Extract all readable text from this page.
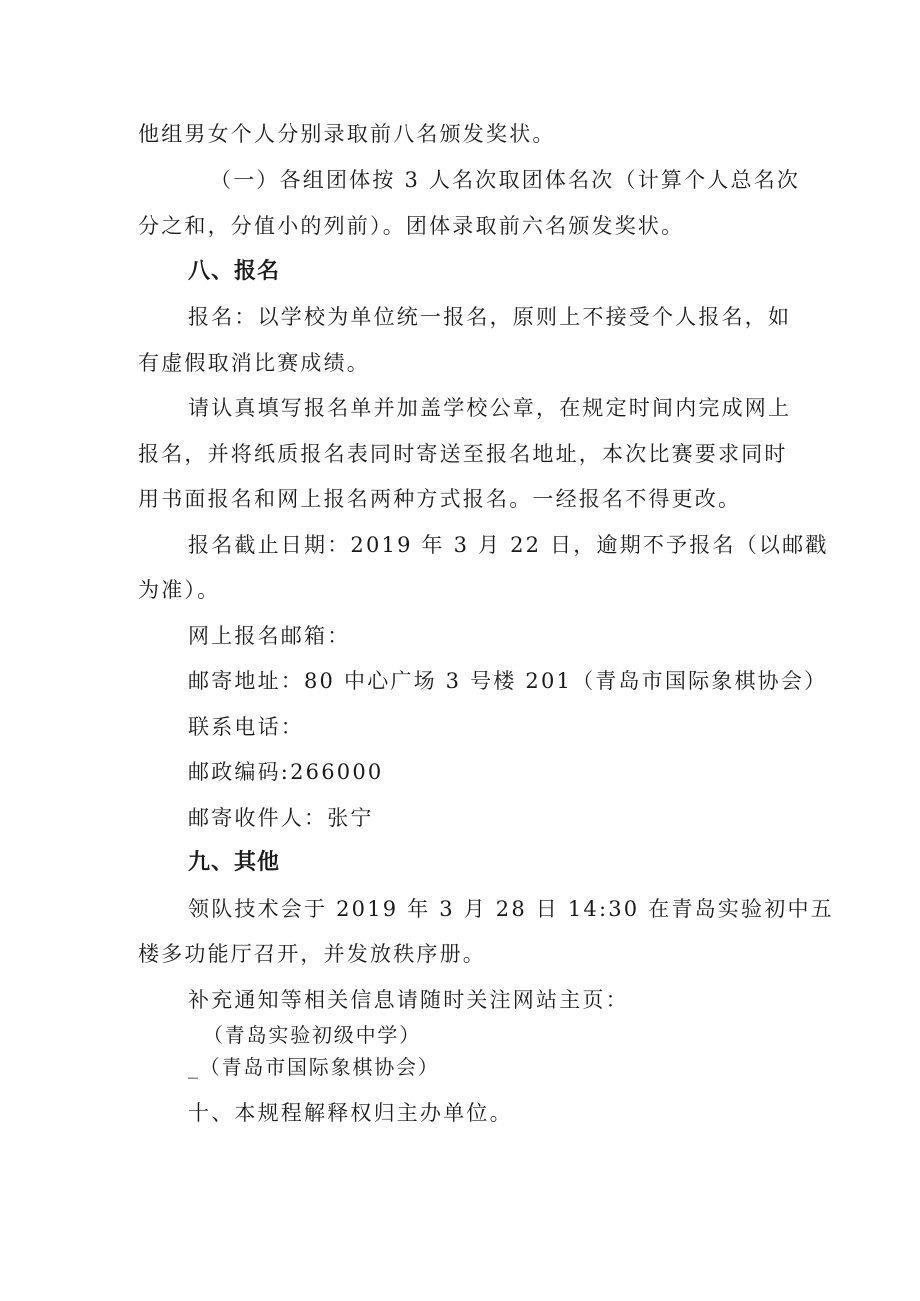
他组男女个人分别录取前八名颁发奖状。
（一）各组团体按 3 人名次取团体名次（计算个人总名次
分之和，分值小的列前）。团体录取前六名颁发奖状。
八、报名
报名：以学校为单位统一报名，原则上不接受个人报名，如
有虚假取消比赛成绩。
请认真填写报名单并加盖学校公章，在规定时间内完成网上
报名，并将纸质报名表同时寄送至报名地址，本次比赛要求同时
用书面报名和网上报名两种方式报名。一经报名不得更改。
报名截止日期：2019 年 3 月 22 日，逾期不予报名（以邮戳
为准）。
网上报名邮箱：
邮寄地址：80 中心广场 3 号楼 201（青岛市国际象棋协会）
联系电话：
邮政编码:266000
邮寄收件人：张宁
九、其他
领队技术会于 2019 年 3 月 28 日 14:30 在青岛实验初中五
楼多功能厅召开，并发放秩序册。
补充通知等相关信息请随时关注网站主页：
（青岛实验初级中学）
_（青岛市国际象棋协会）
十、本规程解释权归主办单位。
